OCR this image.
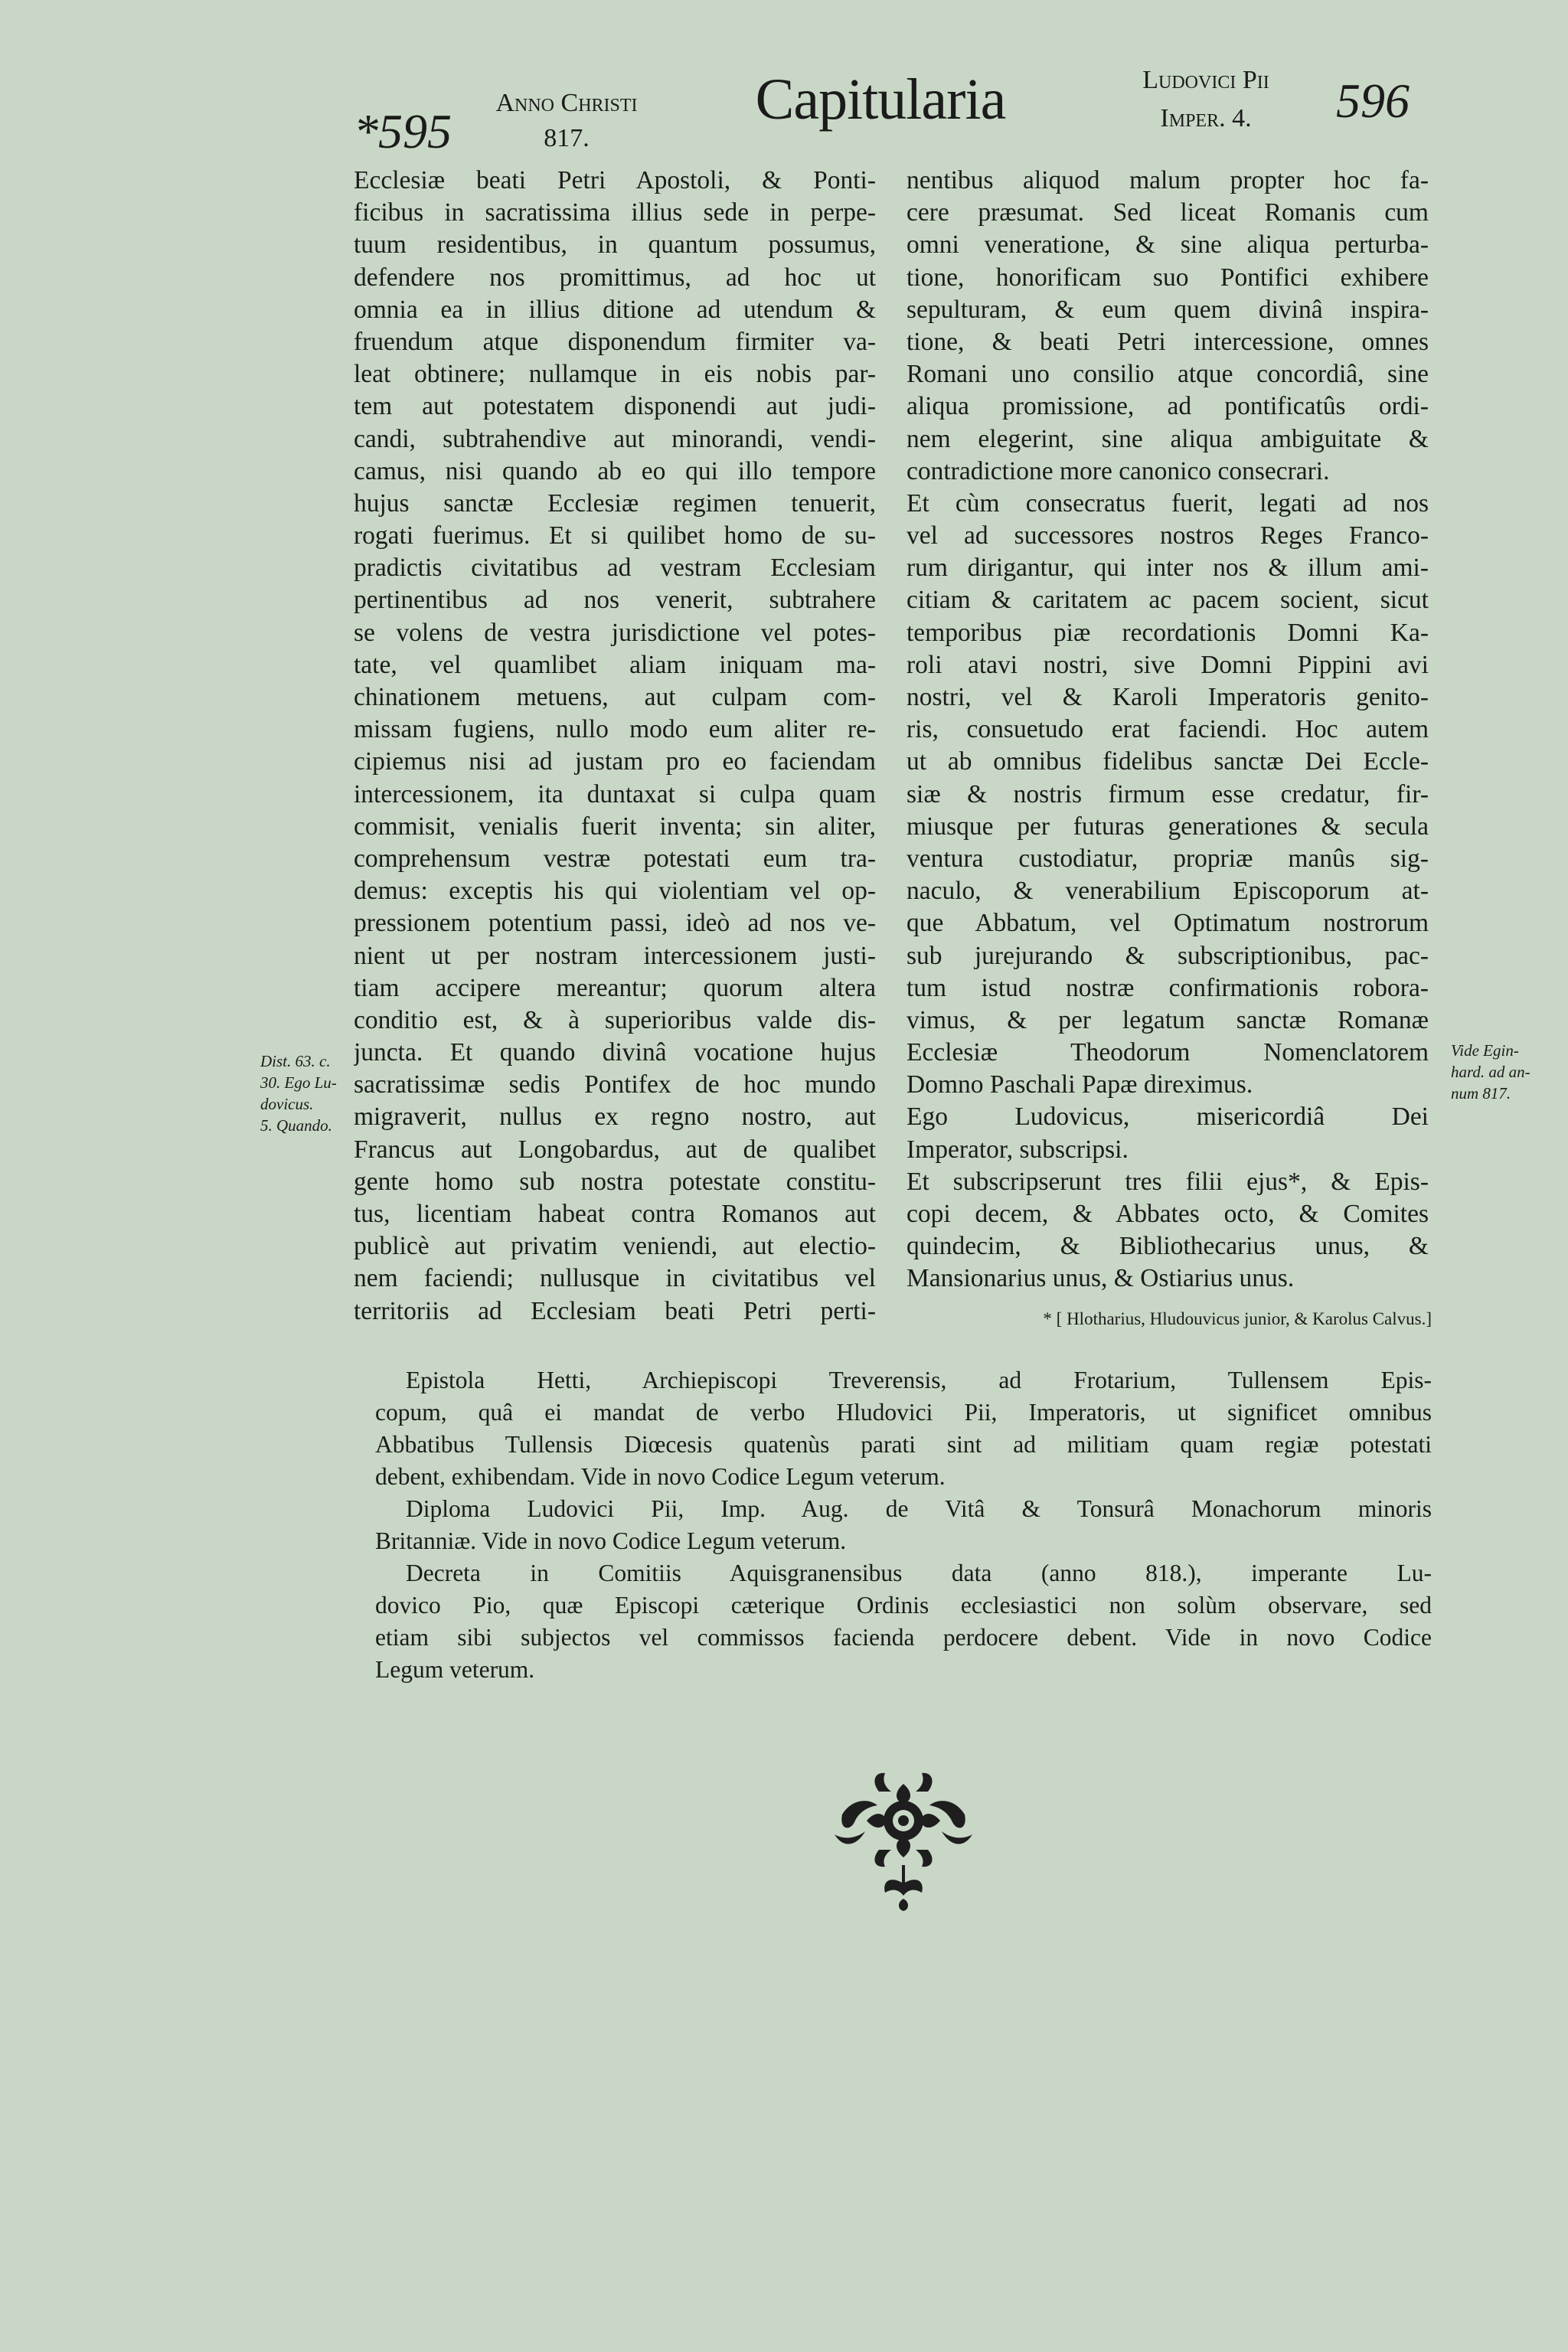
*595
Anno Christi
817.
Capitularia	Ludovici Pii
Imper. 4.	596
Ecclesiæ beati Petri Apostoli, & Ponti-
ficibus in sacratissima illius sede in perpe-
tuum residentibus, in quantum possumus,
defendere nos promittimus, ad hoc ut
omnia ea in illius ditione ad utendum &
fruendum atque disponendum firmiter va-
leat obtinere; nullamque in eis nobis par-
tem aut potestatem disponendi aut judi-
candi, subtrahendive aut minorandi, vendi-
camus, nisi quando ab eo qui illo tempore
hujus sanctæ Ecclesiæ regimen tenuerit,
rogati fuerimus. Et si quilibet homo de su-
pradictis civitatibus ad vestram Ecclesiam
pertinentibus ad nos venerit, subtrahere
se volens de vestra jurisdictione vel potes-
tate, vel quamlibet aliam iniquam ma-
chinationem metuens, aut culpam com-
missam fugiens, nullo modo eum aliter re-
cipiemus nisi ad justam pro eo faciendam
intercessionem, ita duntaxat si culpa quam
commisit, venialis fuerit inventa; sin aliter,
comprehensum vestræ potestati eum tra-
demus: exceptis his qui violentiam vel op-
pressionem potentium passi, ideò ad nos ve-
nient ut per nostram intercessionem justi-
tiam accipere mereantur; quorum altera
conditio est, & à superioribus valde dis-
juncta. Et quando divinâ vocatione hujus
sacratissimæ sedis Pontifex de hoc mundo
migraverit, nullus ex regno nostro, aut
Francus aut Longobardus, aut de qualibet
gente homo sub nostra potestate constitu-
tus, licentiam habeat contra Romanos aut
publicè aut privatim veniendi, aut electio-
nem faciendi; nullusque in civitatibus vel
territoriis ad Ecclesiam beati Petri perti-
nentibus aliquod malum propter hoc fa-
cere præsumat. Sed liceat Romanis cum
omni veneratione, & sine aliqua perturba-
tione, honorificam suo Pontifici exhibere
sepulturam, & eum quem divinâ inspira-
tione, & beati Petri intercessione, omnes
Romani uno consilio atque concordiâ, sine
aliqua promissione, ad pontificatûs ordi-
nem elegerint, sine aliqua ambiguitate &
contradictione more canonico consecrari.
Et cùm consecratus fuerit, legati ad nos
vel ad successores nostros Reges Franco-
rum dirigantur, qui inter nos & illum ami-
citiam & caritatem ac pacem socient, sicut
temporibus piæ recordationis Domni Ka-
roli atavi nostri, sive Domni Pippini avi
nostri, vel & Karoli Imperatoris genito-
ris, consuetudo erat faciendi. Hoc autem
ut ab omnibus fidelibus sanctæ Dei Eccle-
siæ & nostris firmum esse credatur, fir-
miusque per futuras generationes & secula
ventura custodiatur, propriæ manûs sig-
naculo, & venerabilium Episcoporum at-
que Abbatum, vel Optimatum nostrorum
sub jurejurando & subscriptionibus, pac-
tum istud nostræ confirmationis robora-
vimus, & per legatum sanctæ Romanæ
Ecclesiæ Theodorum Nomenclatorem
Domno Paschali Papæ direximus.
Ego Ludovicus, misericordiâ Dei
Imperator, subscripsi.
Et subscripserunt tres filii ejus*, & Epis-
copi decem, & Abbates octo, & Comites
quindecim, & Bibliothecarius unus, &
Mansionarius unus, & Ostiarius unus.
Dist. 63. c.
30. Ego Lu-
dovicus.
5. Quando.
Vide Egin-
hard. ad an-
num 817.
* [ Hlotharius, Hludouvicus junior, & Karolus Calvus.]
Epistola Hetti, Archiepiscopi Treverensis, ad Frotarium, Tullensem Epis-
copum, quâ ei mandat de verbo Hludovici Pii, Imperatoris, ut significet omnibus
Abbatibus Tullensis Diœcesis quatenùs parati sint ad militiam quam regiæ potestati
debent, exhibendam. Vide in novo Codice Legum veterum.
Diploma Ludovici Pii, Imp. Aug. de Vitâ & Tonsurâ Monachorum minoris
Britanniæ. Vide in novo Codice Legum veterum.
Decreta in Comitiis Aquisgranensibus data (anno 818.), imperante Lu-
dovico Pio, quæ Episcopi cæterique Ordinis ecclesiastici non solùm observare, sed
etiam sibi subjectos vel commissos facienda perdocere debent. Vide in novo Codice
Legum veterum.
